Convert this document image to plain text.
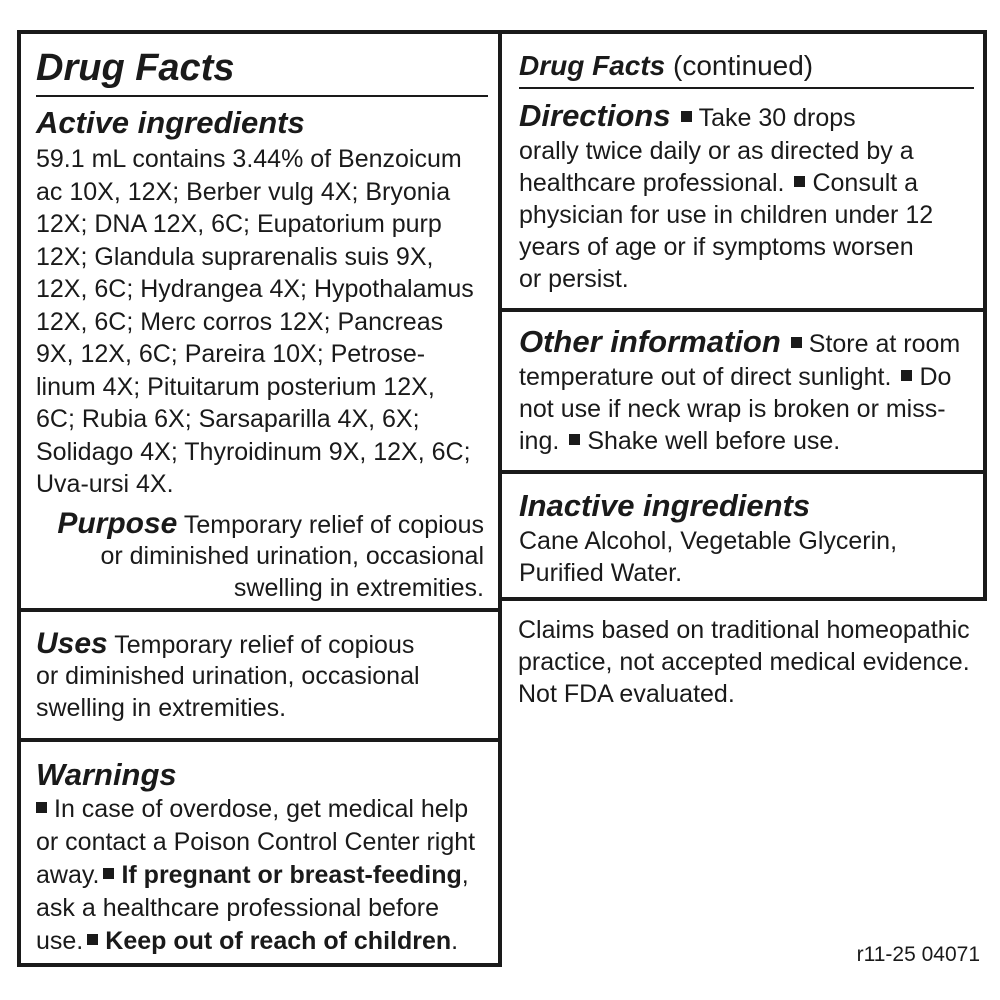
Drug Facts
Active ingredients
59.1 mL contains 3.44% of Benzoicum
ac 10X, 12X; Berber vulg 4X; Bryonia
12X; DNA 12X, 6C; Eupatorium purp
12X; Glandula suprarenalis suis 9X,
12X, 6C; Hydrangea 4X; Hypothalamus
12X, 6C; Merc corros 12X; Pancreas
9X, 12X, 6C; Pareira 10X; Petrose-
linum 4X; Pituitarum posterium 12X,
6C; Rubia 6X; Sarsaparilla 4X, 6X;
Solidago 4X; Thyroidinum 9X, 12X, 6C;
Uva-ursi 4X.
Purpose Temporary relief of copious
or diminished urination, occasional
swelling in extremities.
Uses Temporary relief of copious
or diminished urination, occasional
swelling in extremities.
Warnings
In case of overdose, get medical help
or contact a Poison Control Center right
away. If pregnant or breast-feeding,
ask a healthcare professional before
use. Keep out of reach of children.
Drug Facts (continued)
Directions Take 30 drops
orally twice daily or as directed by a
healthcare professional. Consult a
physician for use in children under 12
years of age or if symptoms worsen
or persist.
Other information Store at room
temperature out of direct sunlight. Do
not use if neck wrap is broken or miss-
ing. Shake well before use.
Inactive ingredients
Cane Alcohol, Vegetable Glycerin,
Purified Water.
Claims based on traditional homeopathic
practice, not accepted medical evidence.
Not FDA evaluated.
r11-25 04071
